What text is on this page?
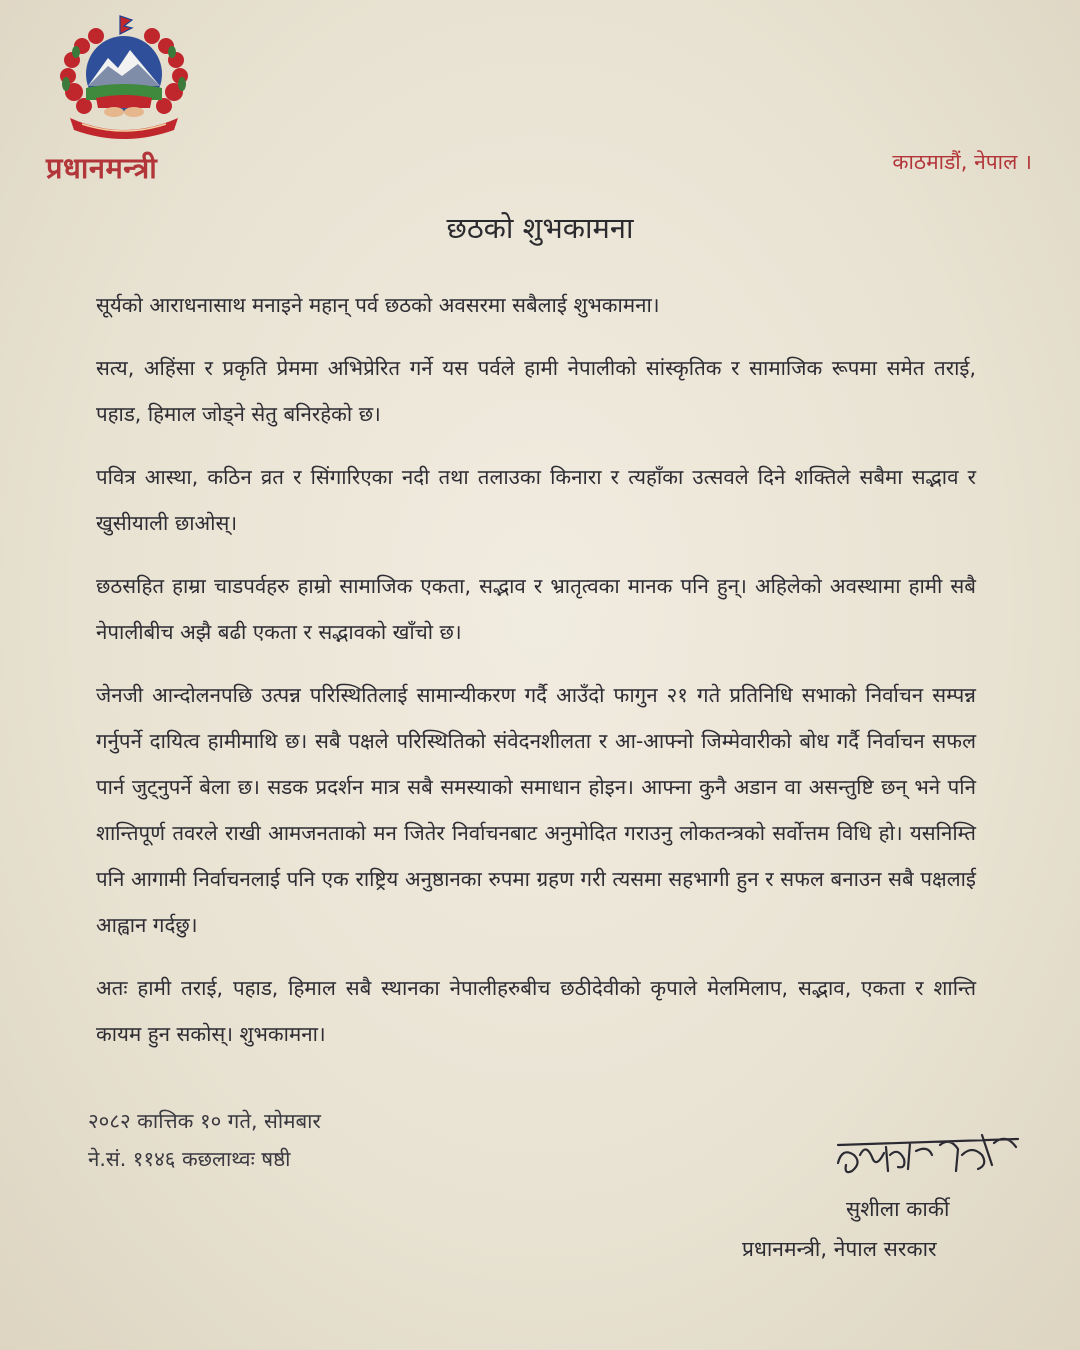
प्रधानमन्त्री	काठमाडौं, नेपाल ।
छठको शुभकामना

सूर्यको आराधनासाथ मनाइने महान् पर्व छठको अवसरमा सबैलाई शुभकामना।

सत्य, अहिंसा र प्रकृति प्रेममा अभिप्रेरित गर्ने यस पर्वले हामी नेपालीको सांस्कृतिक र सामाजिक रूपमा समेत तराई, पहाड, हिमाल जोड्ने सेतु बनिरहेको छ।

पवित्र आस्था, कठिन व्रत र सिंगारिएका नदी तथा तलाउका किनारा र त्यहाँका उत्सवले दिने शक्तिले सबैमा सद्भाव र खुसीयाली छाओस्।

छठसहित हाम्रा चाडपर्वहरु हाम्रो सामाजिक एकता, सद्भाव र भ्रातृत्वका मानक पनि हुन्। अहिलेको अवस्थामा हामी सबै नेपालीबीच अझै बढी एकता र सद्भावको खाँचो छ।

जेनजी आन्दोलनपछि उत्पन्न परिस्थितिलाई सामान्यीकरण गर्दै आउँदो फागुन २१ गते प्रतिनिधि सभाको निर्वाचन सम्पन्न गर्नुपर्ने दायित्व हामीमाथि छ। सबै पक्षले परिस्थितिको संवेदनशीलता र आ-आफ्नो जिम्मेवारीको बोध गर्दै निर्वाचन सफल पार्न जुट्नुपर्ने बेला छ। सडक प्रदर्शन मात्र सबै समस्याको समाधान होइन। आफ्ना कुनै अडान वा असन्तुष्टि छन् भने पनि शान्तिपूर्ण तवरले राखी आमजनताको मन जितेर निर्वाचनबाट अनुमोदित गराउनु लोकतन्त्रको सर्वोत्तम विधि हो। यसनिम्ति पनि आगामी निर्वाचनलाई पनि एक राष्ट्रिय अनुष्ठानका रुपमा ग्रहण गरी त्यसमा सहभागी हुन र सफल बनाउन सबै पक्षलाई आह्वान गर्दछु।

अतः हामी तराई, पहाड, हिमाल सबै स्थानका नेपालीहरुबीच छठीदेवीको कृपाले मेलमिलाप, सद्भाव, एकता र शान्ति कायम हुन सकोस्। शुभकामना।

२०८२ कात्तिक १० गते, सोमबार
ने.सं. ११४६ कछलाथ्वः षष्ठी
सुशीला कार्की
प्रधानमन्त्री, नेपाल सरकार
